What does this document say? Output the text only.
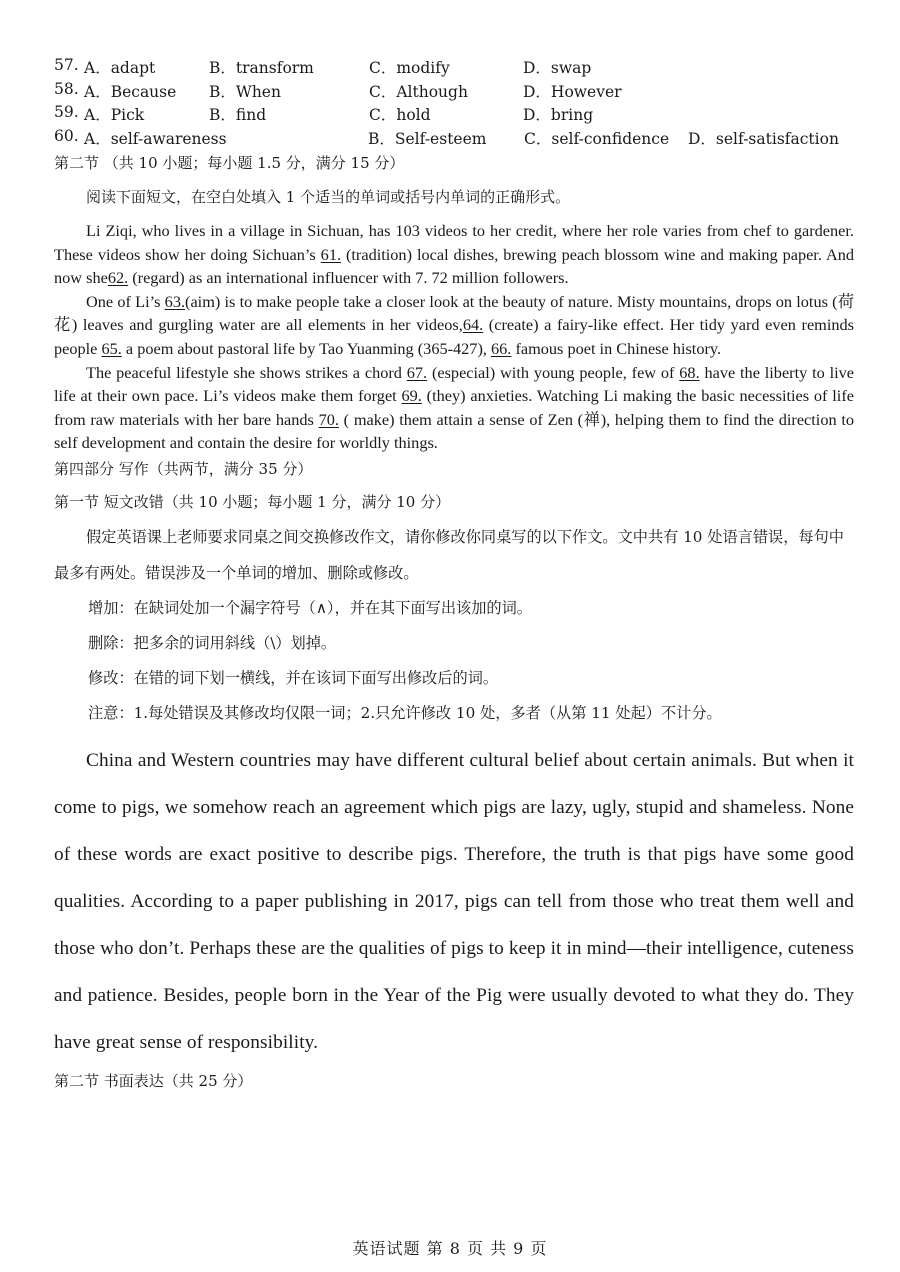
57. A．adapt	B．transform	C．modify	D．swap
58. A．Because B．When	C．Although	D．However
59. A．Pick	B．find	C．hold	D．bring
60. A．self-awareness	B．Self-esteem C．self-confidence D．self-satisfaction
第二节 （共 10 小题；每小题 1.5 分，满分 15 分）
阅读下面短文，在空白处填入 1 个适当的单词或括号内单词的正确形式。

Li Ziqi, who lives in a village in Sichuan, has 103 videos to her credit, where her role varies from chef to gardener. These videos show her doing Sichuan’s 61. (tradition) local dishes, brewing peach blossom wine and making paper. And now she62. (regard) as an international influencer with 7. 72 million followers.

One of Li’s 63.(aim) is to make people take a closer look at the beauty of nature. Misty mountains, drops on lotus (荷花) leaves and gurgling water are all elements in her videos,64. (create) a fairy-like effect. Her tidy yard even reminds people 65. a poem about pastoral life by Tao Yuanming (365-427), 66. famous poet in Chinese history.

The peaceful lifestyle she shows strikes a chord 67. (especial) with young people, few of 68. have the liberty to live life at their own pace. Li’s videos make them forget 69. (they) anxieties. Watching Li making the basic necessities of life from raw materials with her bare hands 70. ( make) them attain a sense of Zen (禅), helping them to find the direction to self development and contain the desire for worldly things.

第四部分 写作（共两节，满分 35 分）
第一节 短文改错（共 10 小题；每小题 1 分，满分 10 分）
假定英语课上老师要求同桌之间交换修改作文，请你修改你同桌写的以下作文。文中共有 10 处语言错误，每句中最多有两处。错误涉及一个单词的增加、删除或修改。
增加：在缺词处加一个漏字符号（∧），并在其下面写出该加的词。
删除：把多余的词用斜线（\）划掉。
修改：在错的词下划一横线，并在该词下面写出修改后的词。
注意：1.每处错误及其修改均仅限一词；2.只允许修改 10 处，多者（从第 11 处起）不计分。
China and Western countries may have different cultural belief about certain animals. But when it come to pigs, we somehow reach an agreement which pigs are lazy, ugly, stupid and shameless. None of these words are exact positive to describe pigs. Therefore, the truth is that pigs have some good qualities. According to a paper publishing in 2017, pigs can tell from those who treat them well and those who don’t. Perhaps these are the qualities of pigs to keep it in mind—their intelligence, cuteness and patience. Besides, people born in the Year of the Pig were usually devoted to what they do. They have great sense of responsibility.
第二节 书面表达（共 25 分）
英语试题 第 8 页 共 9 页
